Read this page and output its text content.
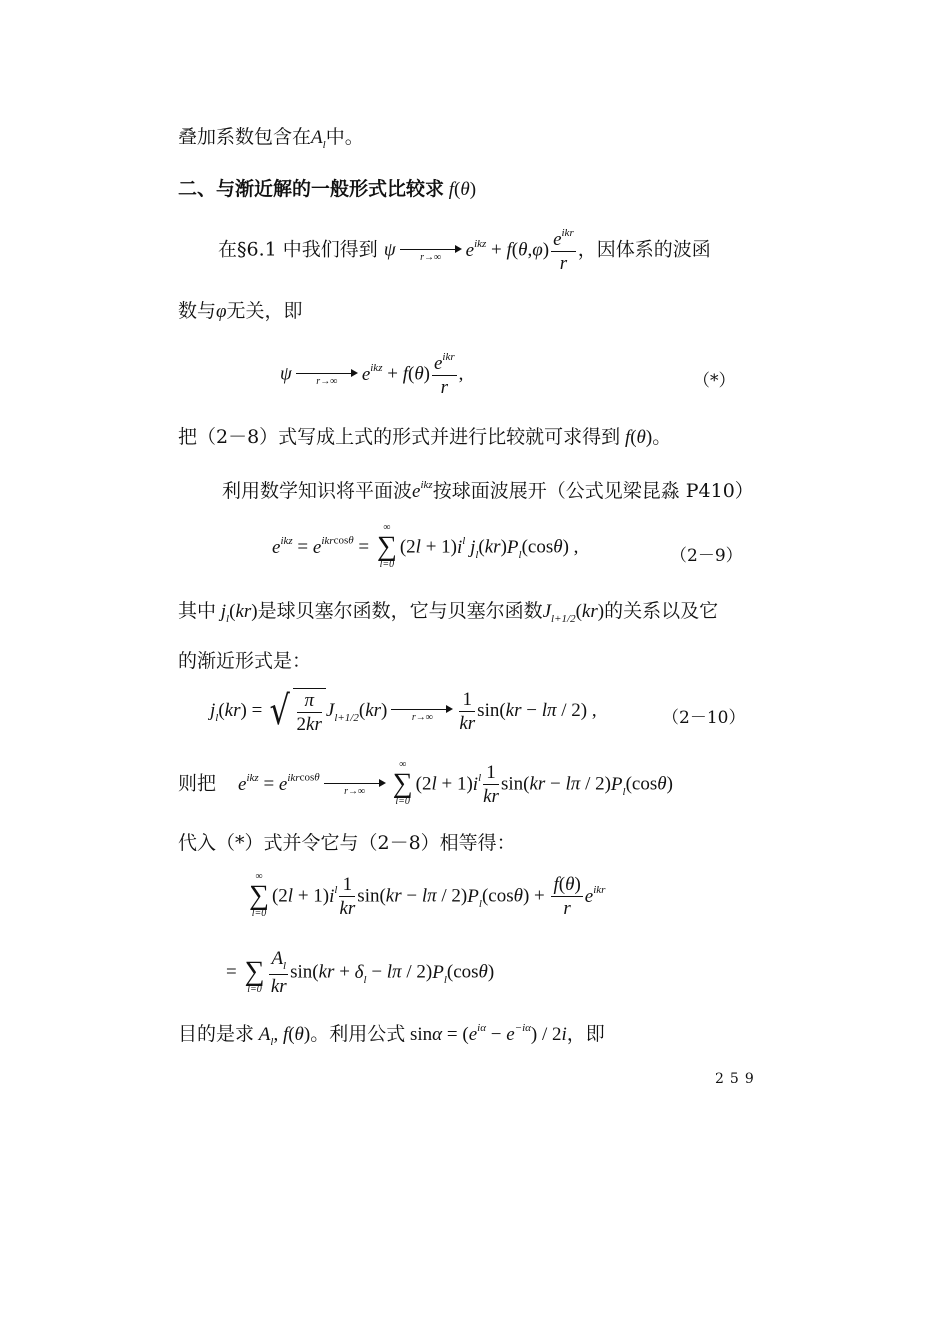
叠加系数包含在$A_l$中。
二、与渐近解的一般形式比较求 f(θ)
在§6.1 中我们得到 ψ	r→∞	$e^{ikz} + f(\theta,\varphi) \frac{e^{ikr}}{r}$ ，因体系的波函
数与φ无关，即
ψ	r→∞	$e^{ikz} + f(\theta) \frac{e^{ikr}}{r}$ ,	（*）
把（2－8）式写成上式的形式并进行比较就可求得到 f(θ)。
利用数学知识将平面波$e^{ikz}$按球面波展开（公式见梁昆淼 P410）
$e^{ikz} = e^{ikrcos\theta}$ =
∞
∑
l=0
$(2l + 1)i^l$ $j_l(kr)P_l(\cos\theta)$ ,	（2－9）
其中 $j_l(kr)$是球贝塞尔函数，它与贝塞尔函数$J_{l+1/2}(kr)$的关系以及它
的渐近形式是：
$j_l(kr)$ = √ $\frac{\pi}{2kr} J_{l+1/2}(kr)$	r→∞	$\frac{1}{kr} \sin(kr - l\pi / 2)$ ,	（2－10）
则把 $e^{ikz} = e^{ikrcos\theta}$
r→∞
∞
∑
l=0
$(2l + 1)i^l \frac{1}{kr} \sin(kr - l\pi / 2)P_l(\cos\theta)$
代入（*）式并令它与（2－8）相等得：
∞
∑
l=0
$(2l + 1)i^l \frac{1}{kr} \sin(kr - l\pi / 2)P_l(\cos\theta) + \frac{f(\theta)}{r} e^{ikr}$
= ∑
$l=0 \frac{A_l}{kr} \sin(kr + \delta_l - l\pi / 2)P_l(\cos\theta)$
目的是求 $A_l$, f(θ)。利用公式 $\sin\alpha = (e^{i\alpha} - e^{-i\alpha}) / 2i$，即
259
